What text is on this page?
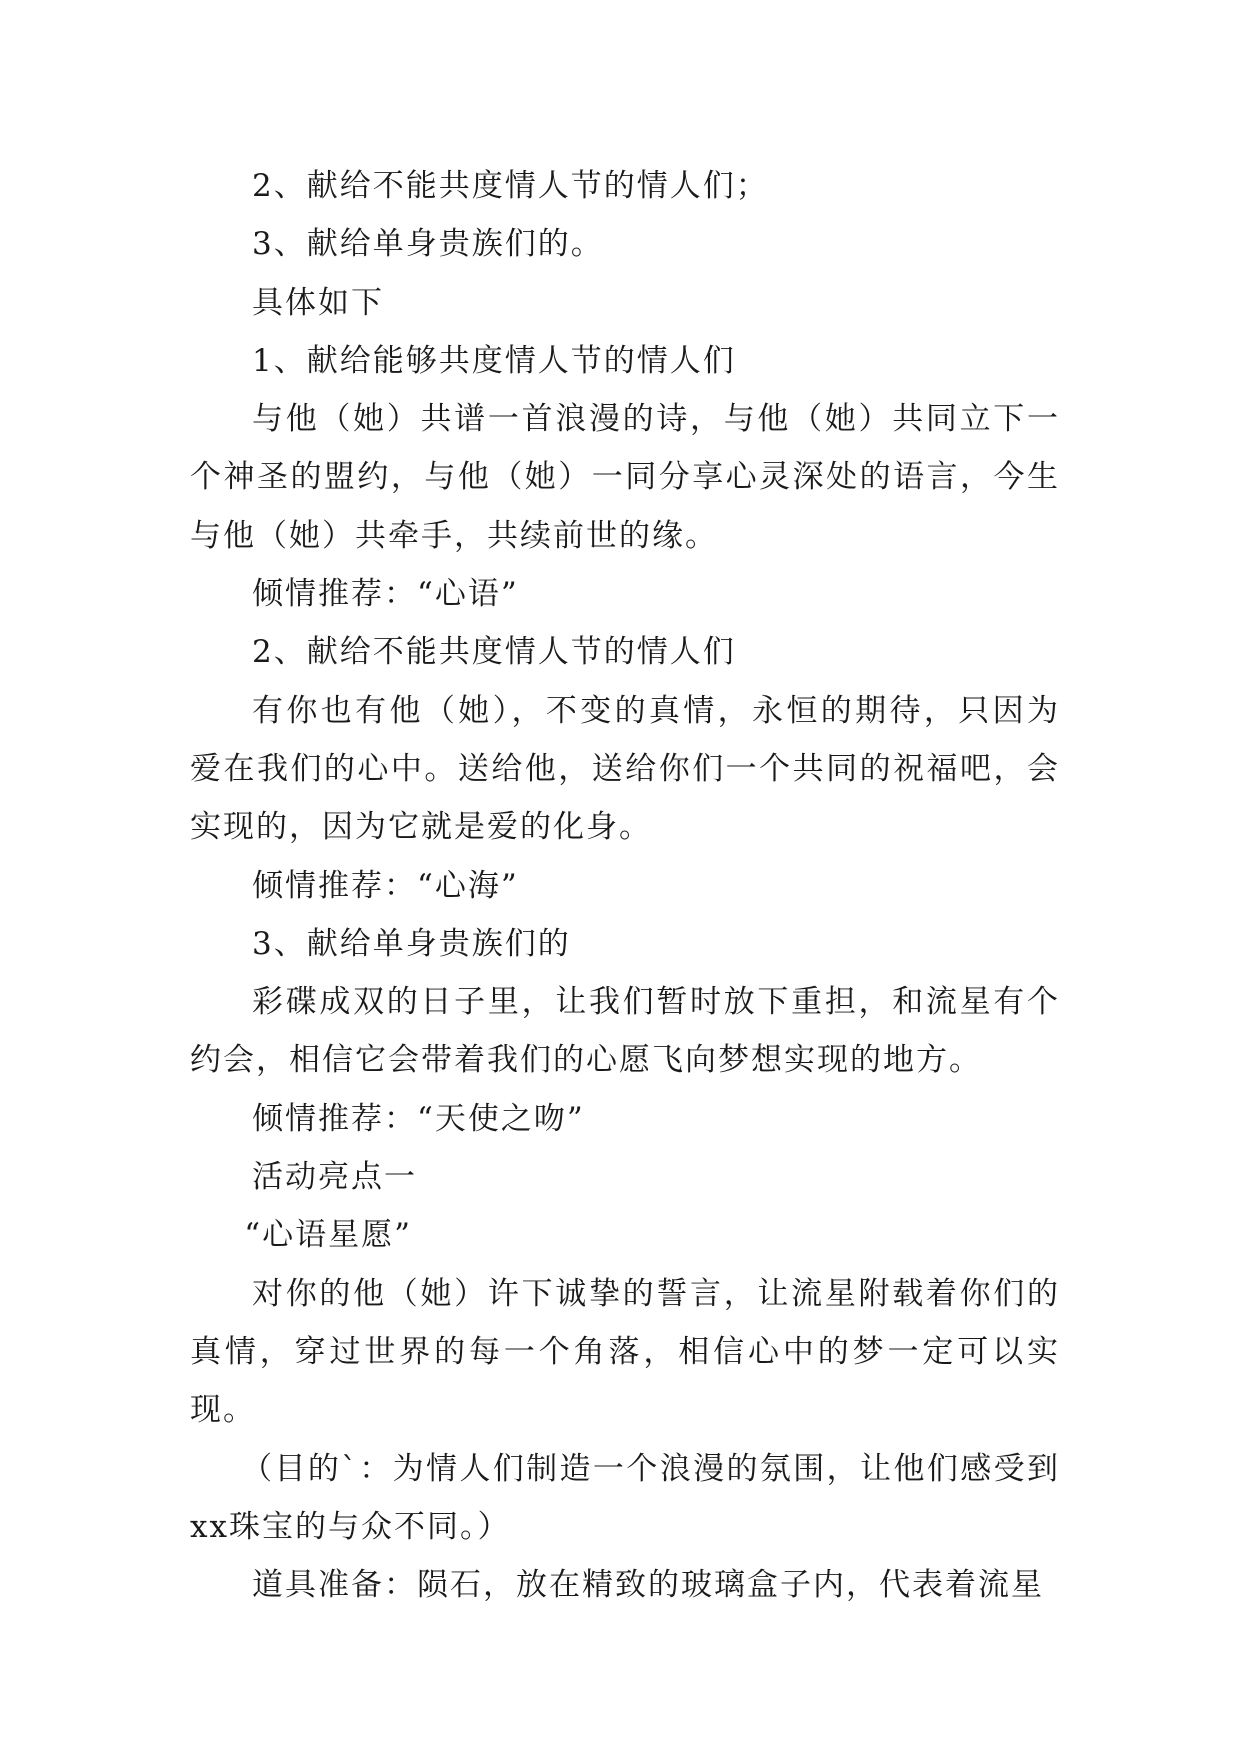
2、献给不能共度情人节的情人们；

3、献给单身贵族们的。

具体如下

1、献给能够共度情人节的情人们

与他（她）共谱一首浪漫的诗，与他（她）共同立下一个神圣的盟约，与他（她）一同分享心灵深处的语言，今生与他（她）共牵手，共续前世的缘。

倾情推荐：“心语”

2、献给不能共度情人节的情人们

有你也有他（她），不变的真情，永恒的期待，只因为爱在我们的心中。送给他，送给你们一个共同的祝福吧，会实现的，因为它就是爱的化身。

倾情推荐：“心海”

3、献给单身贵族们的

彩碟成双的日子里，让我们暂时放下重担，和流星有个约会，相信它会带着我们的心愿飞向梦想实现的地方。

倾情推荐：“天使之吻”

活动亮点一

“心语星愿”

对你的他（她）许下诚挚的誓言，让流星附载着你们的真情，穿过世界的每一个角落，相信心中的梦一定可以实现。

（目的`：为情人们制造一个浪漫的氛围，让他们感受到xx珠宝的与众不同。）

道具准备：陨石，放在精致的玻璃盒子内，代表着流星
